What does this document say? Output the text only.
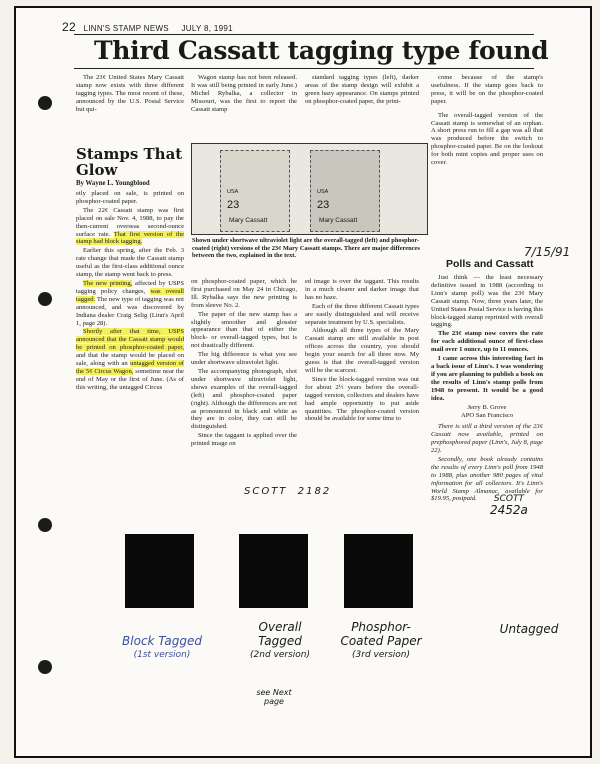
22 LINN'S STAMP NEWS JULY 8, 1991
Third Cassatt tagging type found

The 23¢ United States Mary Cassatt stamp now exists with three different tagging types. The most recent of these, announced by the U.S. Postal Service but qui-

Wagon stamp has not been released. It was still being printed in early June.) Michel Rybalka, a collector in Missouri, was the first to report the Cassatt stamp

standard tagging types (left), darker areas of the stamp design will exhibit a green hazy appearance. On stamps printed on phosphor-coated paper, the print-

come because of the stamp's usefulness. If the stamp goes back to press, it will be on the phosphor-coated paper.

The overall-tagged version of the Cassatt stamp is somewhat of an orphan. A short press run to fill a gap was all that was produced before the switch to phosphor-coated paper. Be on the lookout for both mint copies and proper uses on cover.

Stamps That Glow
By Wayne L. Youngblood
USA
23
Mary Cassatt
USA
23
Mary Cassatt
Shown under shortwave ultraviolet light are the overall-tagged (left) and phosphor-coated (right) versions of the 23¢ Mary Cassatt stamps. There are major differences between the two, explained in the text.

etly placed on sale, is printed on phosphor-coated paper.

The 22¢ Cassatt stamp was first placed on sale Nov. 4, 1988, to pay the then-current overseas second-ounce surface rate. That first version of the stamp had block tagging.

Earlier this spring, after the Feb. 3 rate change that made the Cassatt stamp useful as the first-class additional ounce stamp, the stamp went back to press.

The new printing, affected by USPS tagging policy changes, was overall tagged. The new type of tagging was not announced, and was discovered by Indiana dealer Craig Selig (Linn's April 1, page 28).

Shortly after that time, USPS announced that the Cassatt stamp would be printed on phosphor-coated paper, and that the stamp would be placed on sale, along with an untagged version of the 5¢ Circus Wagon, sometime near the end of May or the first of June. (As of this writing, the untagged Circus

on phosphor-coated paper, which he first purchased on May 24 in Chicago, Ill. Rybalka says the new printing is from sleeve No. 2.

The paper of the new stamp has a slightly smoother and glossier appearance than that of either the block- or overall-tagged types, but is not drastically different.

The big difference is what you see under shortwave ultraviolet light.

The accompanying photograph, shot under shortwave ultraviolet light, shows examples of the overall-tagged (left) and phosphor-coated paper (right). Although the differences are not as pronounced in black and white as they are in color, they can still be distinguished.

Since the taggant is applied over the printed image on

ed image is over the taggant. This results in a much clearer and darker image that has no haze.

Each of the three different Cassatt types are easily distinguished and will receive separate treatment by U.S. specialists.

Although all three types of the Mary Cassatt stamp are still available in post offices across the country, you should begin your search for all three now. My guess is that the overall-tagged version will be the scarcest.

Since the block-tagged version was out for about 2½ years before the overall-tagged version, collectors and dealers have had ample opportunity to put aside quantities. The phosphor-coated version should be available for some time to

7/15/91
Polls and Cassatt

Just think — the least necessary definitive issued in 1988 (according to Linn's stamp poll) was the 23¢ Mary Cassatt stamp. Now, three years later, the United States Postal Service is having this block-tagged stamp reprinted with overall tagging.

The 23¢ stamp now covers the rate for each additional ounce of first-class mail over 1 ounce, up to 11 ounces.

I came across this interesting fact in a back issue of Linn's. I was wondering if you are planning to publish a book on the results of Linn's stamp polls from 1948 to present. It would be a good idea.

Jerry B. Grove

APO San Francisco

There is still a third version of the 23¢ Cassatt now available, printed on prephosphored paper (Linn's, July 8, page 22).

Secondly, one book already contains the results of every Linn's poll from 1948 to 1988, plus another 980 pages of vital information for all collectors. It's Linn's World Stamp Almanac, available for $19.95, postpaid.

SCOTT 2182
SCOTT
2452a
Block Tagged
(1st version)
Overall Tagged
(2nd version)
Phosphor-Coated Paper
(3rd version)
Untagged
see Next page
